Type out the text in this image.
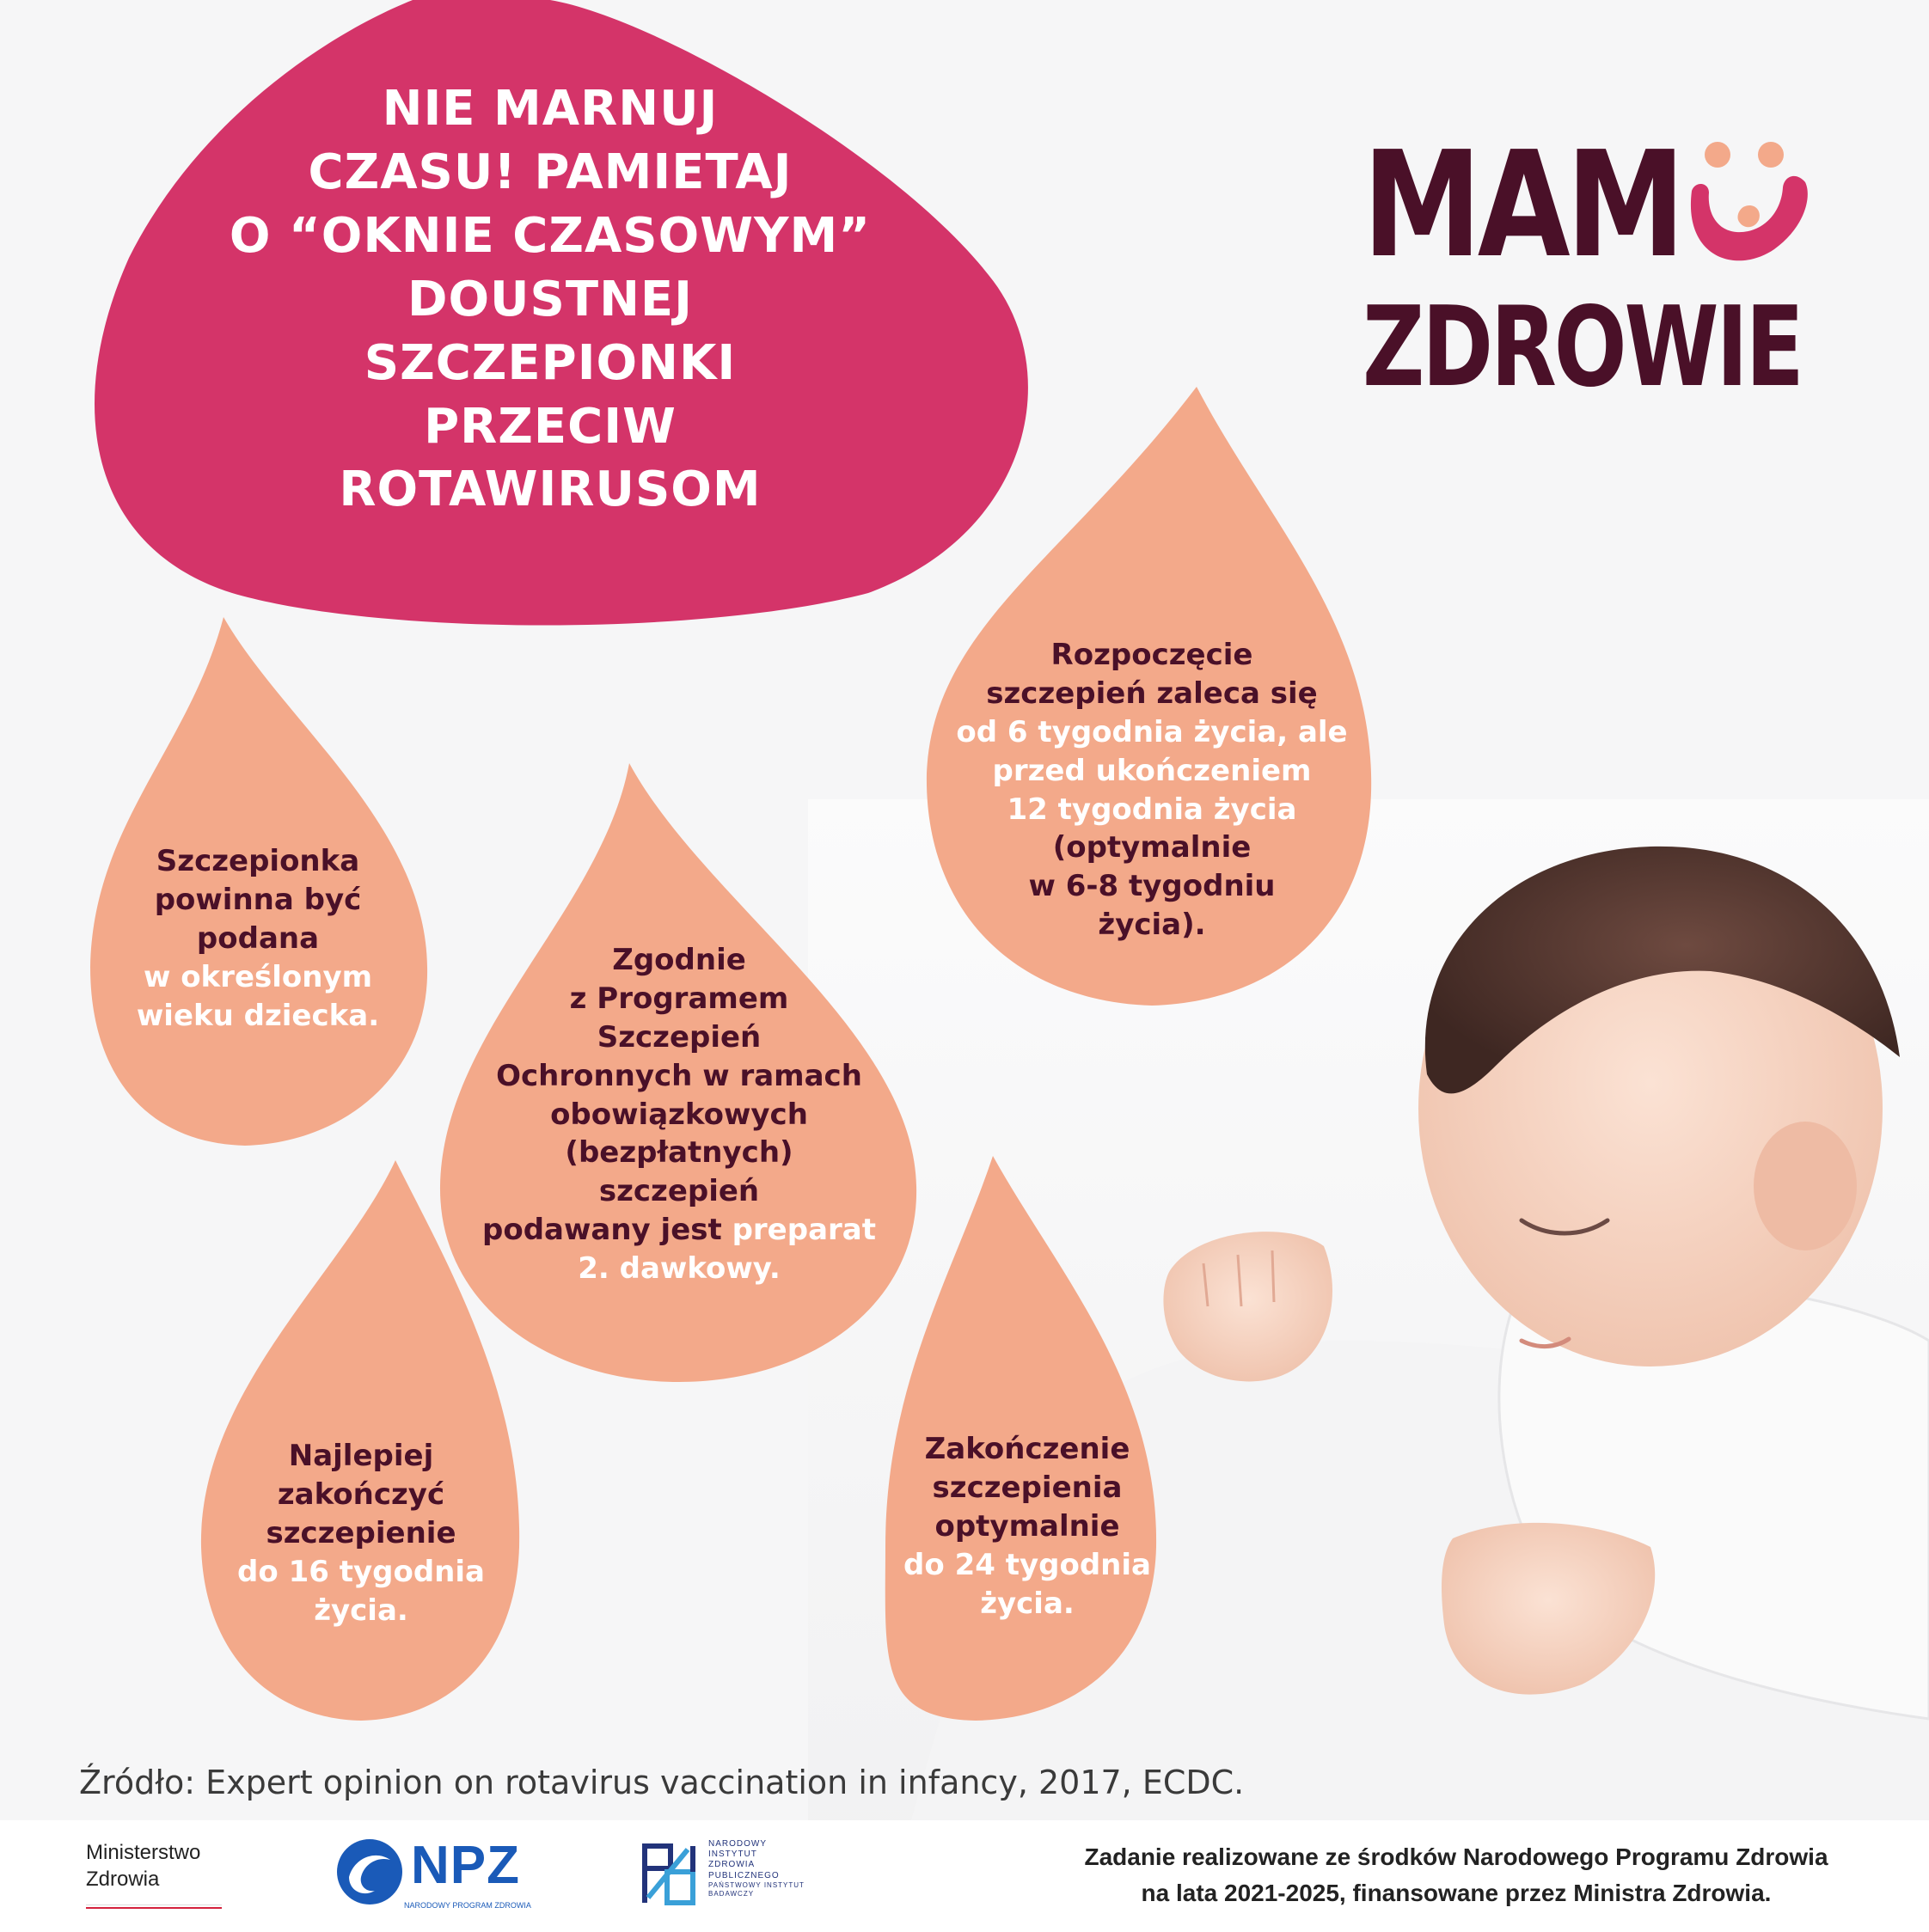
NIE MARNUJ
CZASU! PAMIETAJ
O “OKNIE CZASOWYM”
DOUSTNEJ
SZCZEPIONKI
PRZECIW
ROTAWIRUSOM
MAM
ZDROWIE
Rozpoczęcie
szczepień zaleca się
od 6 tygodnia życia, ale
przed ukończeniem
12 tygodnia życia
(optymalnie
w 6-8 tygodniu
życia).
Szczepionka
powinna być
podana
w określonym
wieku dziecka.
Zgodnie
z Programem
Szczepień
Ochronnych w ramach
obowiązkowych
(bezpłatnych)
szczepień
podawany jest preparat
2. dawkowy.
Najlepiej
zakończyć
szczepienie
do 16 tygodnia
życia.
Zakończenie
szczepienia
optymalnie
do 24 tygodnia
życia.
Źródło: Expert opinion on rotavirus vaccination in infancy, 2017, ECDC.
Ministerstwo
Zdrowia	NPZ
NARODOWY PROGRAM ZDROWIA
NARODOWY
INSTYTUT
ZDROWIA
PUBLICZNEGO
PAŃSTWOWY INSTYTUT
BADAWCZY
Zadanie realizowane ze środków Narodowego Programu Zdrowia
na lata 2021-2025, finansowane przez Ministra Zdrowia.
